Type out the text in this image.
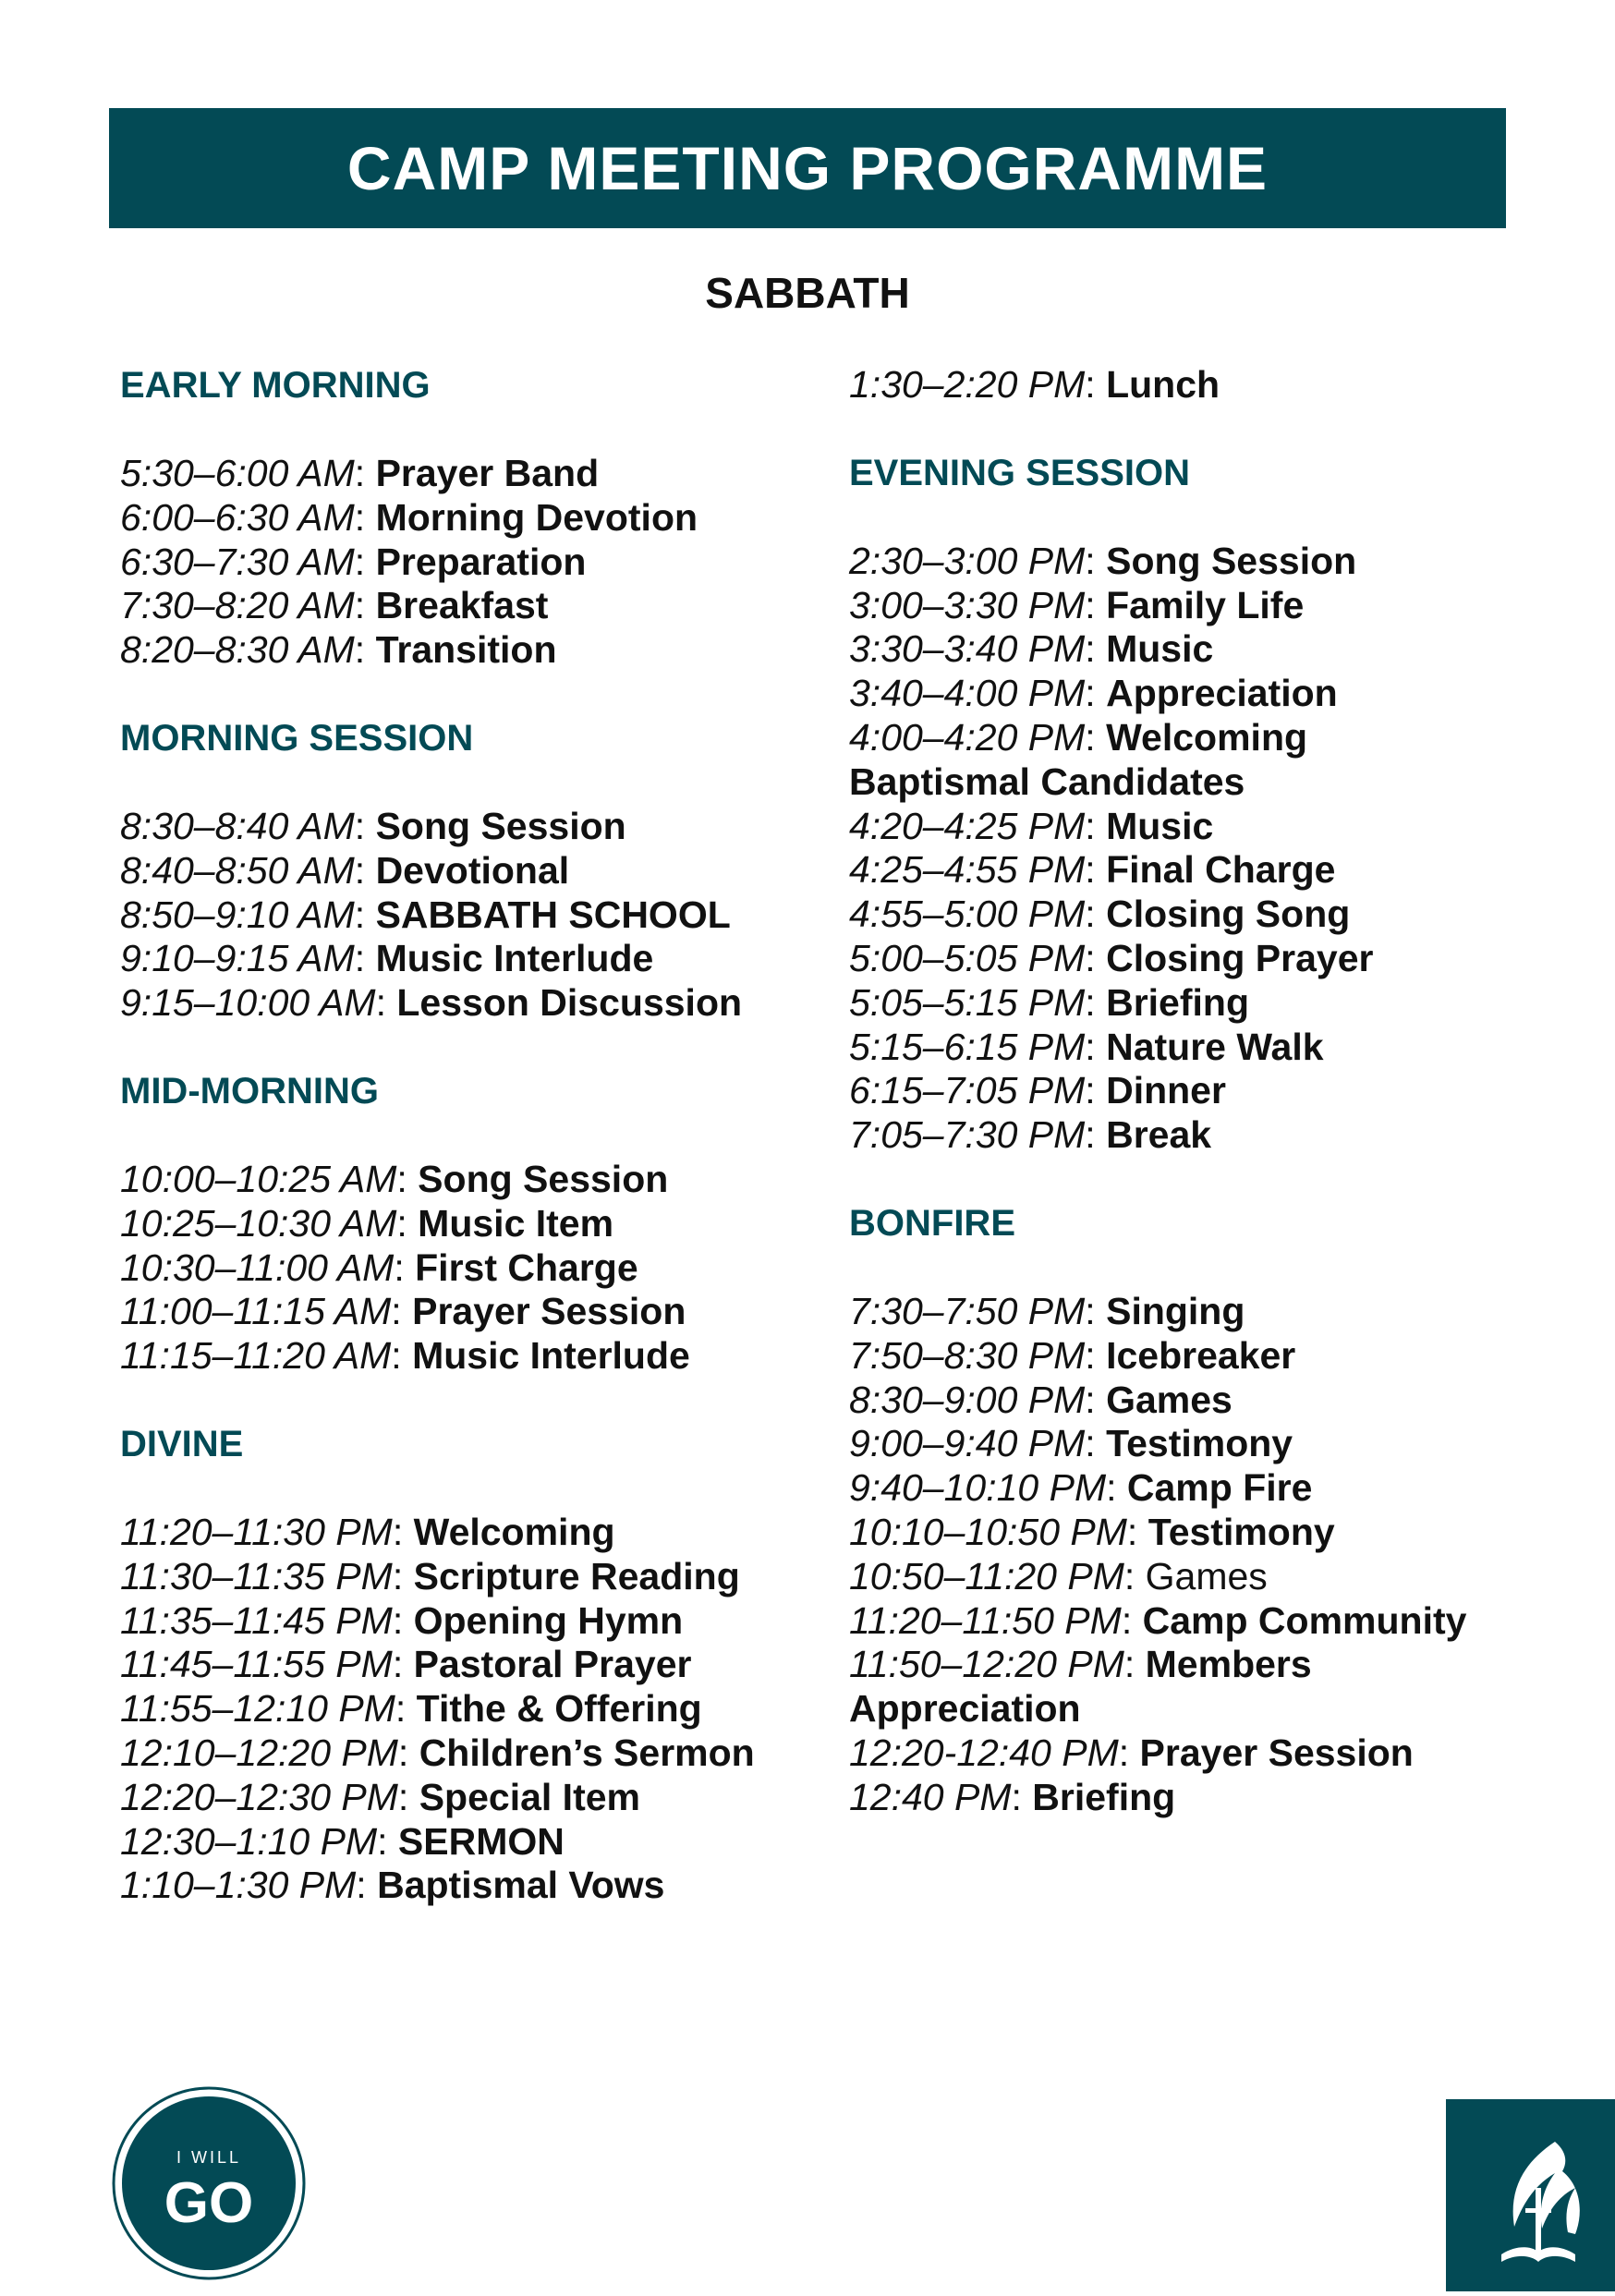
CAMP MEETING PROGRAMME
SABBATH
EARLY MORNING
5:30–6:00 AM: Prayer Band
6:00–6:30 AM: Morning Devotion
6:30–7:30 AM: Preparation
7:30–8:20 AM: Breakfast
8:20–8:30 AM: Transition
MORNING SESSION
8:30–8:40 AM: Song Session
8:40–8:50 AM: Devotional
8:50–9:10 AM: SABBATH SCHOOL
9:10–9:15 AM: Music Interlude
9:15–10:00 AM: Lesson Discussion
MID-MORNING
10:00–10:25 AM: Song Session
10:25–10:30 AM: Music Item
10:30–11:00 AM: First Charge
11:00–11:15 AM: Prayer Session
11:15–11:20 AM: Music Interlude
DIVINE
11:20–11:30 PM: Welcoming
11:30–11:35 PM: Scripture Reading
11:35–11:45 PM: Opening Hymn
11:45–11:55 PM: Pastoral Prayer
11:55–12:10 PM: Tithe & Offering
12:10–12:20 PM: Children’s Sermon
12:20–12:30 PM: Special Item
12:30–1:10 PM: SERMON
1:10–1:30 PM: Baptismal Vows
1:30–2:20 PM: Lunch
EVENING SESSION
2:30–3:00 PM: Song Session
3:00–3:30 PM: Family Life
3:30–3:40 PM: Music
3:40–4:00 PM: Appreciation
4:00–4:20 PM: Welcoming Baptismal Candidates
4:20–4:25 PM: Music
4:25–4:55 PM: Final Charge
4:55–5:00 PM: Closing Song
5:00–5:05 PM: Closing Prayer
5:05–5:15 PM: Briefing
5:15–6:15 PM: Nature Walk
6:15–7:05 PM: Dinner
7:05–7:30 PM: Break
BONFIRE
7:30–7:50 PM: Singing
7:50–8:30 PM: Icebreaker
8:30–9:00 PM: Games
9:00–9:40 PM: Testimony
9:40–10:10 PM: Camp Fire
10:10–10:50 PM: Testimony
10:50–11:20 PM: Games
11:20–11:50 PM: Camp Community
11:50–12:20 PM: Members Appreciation
12:20-12:40 PM: Prayer Session
12:40 PM: Briefing
I WILL
GO
